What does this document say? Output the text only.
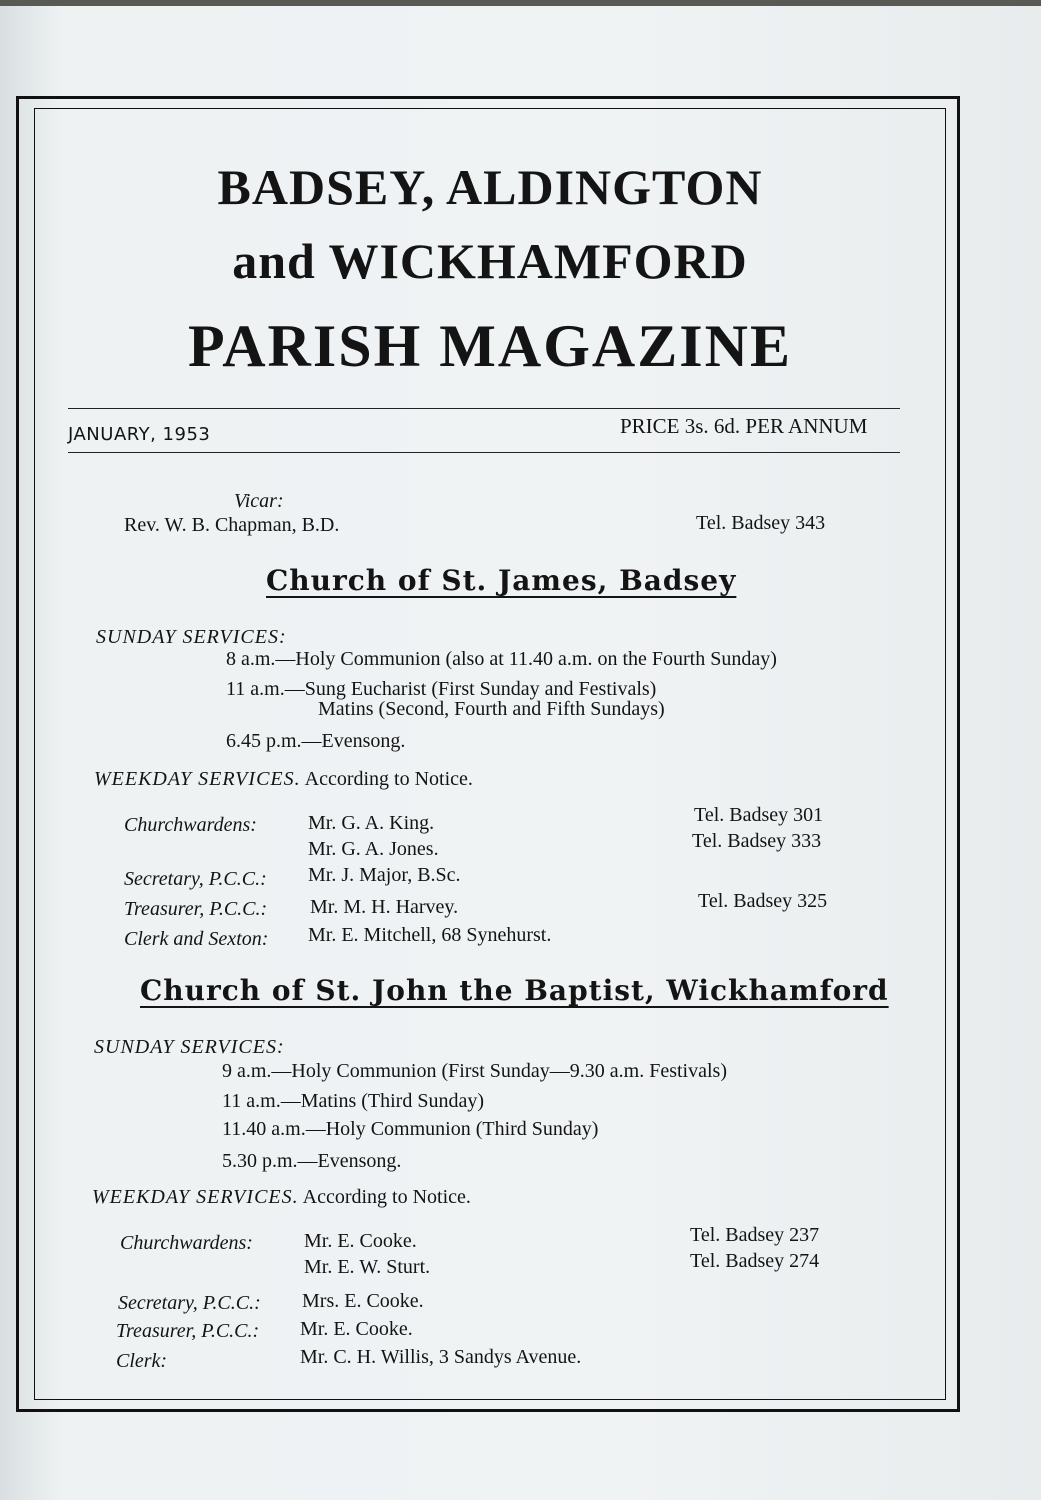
BADSEY, ALDINGTON
and WICKHAMFORD
PARISH MAGAZINE
JANUARY, 1953	PRICE 3s. 6d. PER ANNUM
Vicar:
Rev. W. B. Chapman, B.D.	Tel. Badsey 343
Church of St. James, Badsey
SUNDAY SERVICES:
8 a.m.—Holy Communion (also at 11.40 a.m. on the Fourth Sunday)
11 a.m.—Sung Eucharist (First Sunday and Festivals)
Matins (Second, Fourth and Fifth Sundays)
6.45 p.m.—Evensong.
WEEKDAY SERVICES. According to Notice.
Churchwardens:	Mr. G. A. King.	Tel. Badsey 301
Mr. G. A. Jones.	Tel. Badsey 333
Secretary, P.C.C.: Mr. J. Major, B.Sc.
Treasurer, P.C.C.: Mr. M. H. Harvey.	Tel. Badsey 325
Clerk and Sexton: Mr. E. Mitchell, 68 Synehurst.
Church of St. John the Baptist, Wickhamford
SUNDAY SERVICES:
9 a.m.—Holy Communion (First Sunday—9.30 a.m. Festivals)
11 a.m.—Matins (Third Sunday)
11.40 a.m.—Holy Communion (Third Sunday)
5.30 p.m.—Evensong.
WEEKDAY SERVICES. According to Notice.
Churchwardens:	Mr. E. Cooke.	Tel. Badsey 237
Mr. E. W. Sturt.	Tel. Badsey 274
Secretary, P.C.C.: Mrs. E. Cooke.
Treasurer, P.C.C.: Mr. E. Cooke.
Clerk:	Mr. C. H. Willis, 3 Sandys Avenue.
